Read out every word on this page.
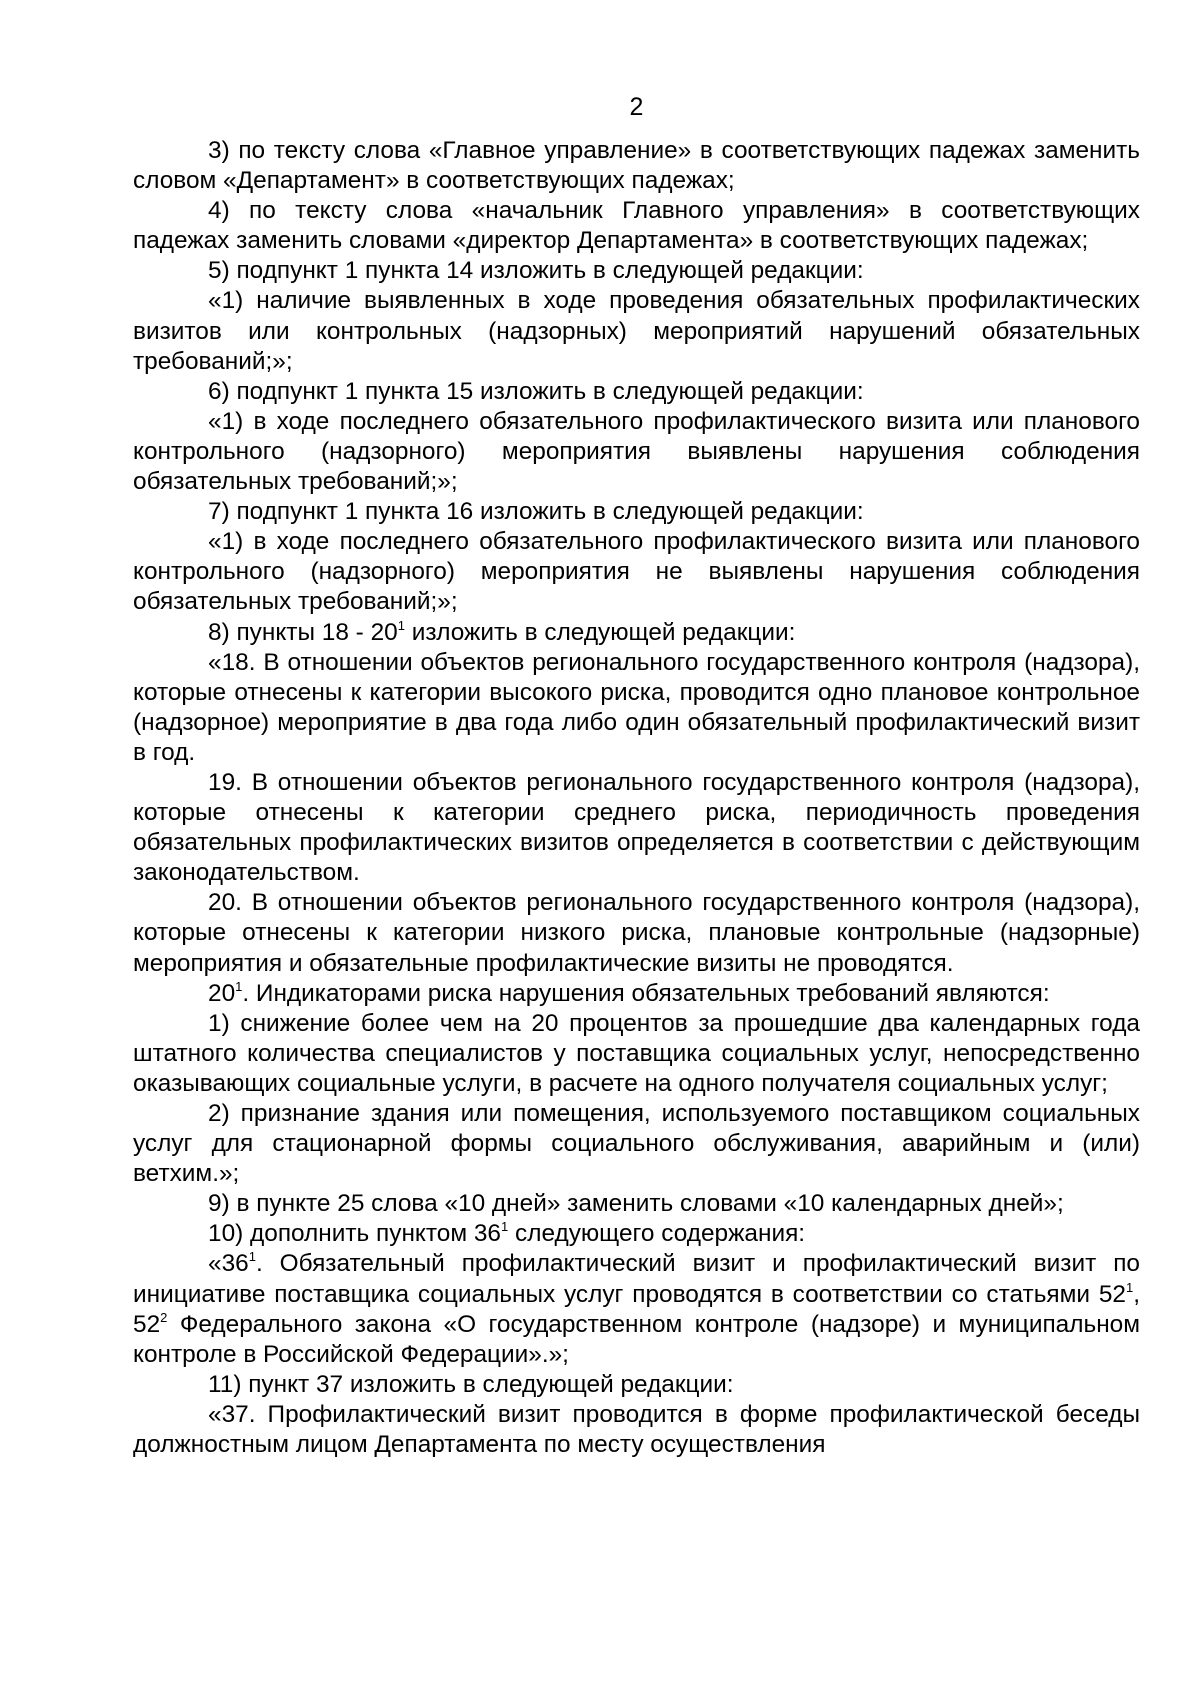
2

3) по тексту слова «Главное управление» в соответствующих падежах заменить словом «Департамент» в соответствующих падежах;

4) по тексту слова «начальник Главного управления» в соответствующих падежах заменить словами «директор Департамента» в соответствующих падежах;

5) подпункт 1 пункта 14 изложить в следующей редакции:

«1) наличие выявленных в ходе проведения обязательных профилактических визитов или контрольных (надзорных) мероприятий нарушений обязательных требований;»;

6) подпункт 1 пункта 15 изложить в следующей редакции:

«1) в ходе последнего обязательного профилактического визита или планового контрольного (надзорного) мероприятия выявлены нарушения соблюдения обязательных требований;»;

7) подпункт 1 пункта 16 изложить в следующей редакции:

«1) в ходе последнего обязательного профилактического визита или планового контрольного (надзорного) мероприятия не выявлены нарушения соблюдения обязательных требований;»;

8) пункты $18 - 20^1$ изложить в следующей редакции:

«18. В отношении объектов регионального государственного контроля (надзора), которые отнесены к категории высокого риска, проводится одно плановое контрольное (надзорное) мероприятие в два года либо один обязательный профилактический визит в год.

19. В отношении объектов регионального государственного контроля (надзора), которые отнесены к категории среднего риска, периодичность проведения обязательных профилактических визитов определяется в соответствии с действующим законодательством.

20. В отношении объектов регионального государственного контроля (надзора), которые отнесены к категории низкого риска, плановые контрольные (надзорные) мероприятия и обязательные профилактические визиты не проводятся.

$20^1$. Индикаторами риска нарушения обязательных требований являются:

1) снижение более чем на 20 процентов за прошедшие два календарных года штатного количества специалистов у поставщика социальных услуг, непосредственно оказывающих социальные услуги, в расчете на одного получателя социальных услуг;

2) признание здания или помещения, используемого поставщиком социальных услуг для стационарной формы социального обслуживания, аварийным и (или) ветхим.»;

9) в пункте 25 слова «10 дней» заменить словами «10 календарных дней»;

10) дополнить пунктом $36^1$ следующего содержания:

«$36^1$. Обязательный профилактический визит и профилактический визит по инициативе поставщика социальных услуг проводятся в соответствии со статьями $52^1$, $52^2$ Федерального закона «О государственном контроле (надзоре) и муниципальном контроле в Российской Федерации».»;

11) пункт 37 изложить в следующей редакции:

«37. Профилактический визит проводится в форме профилактической беседы должностным лицом Департамента по месту осуществления
